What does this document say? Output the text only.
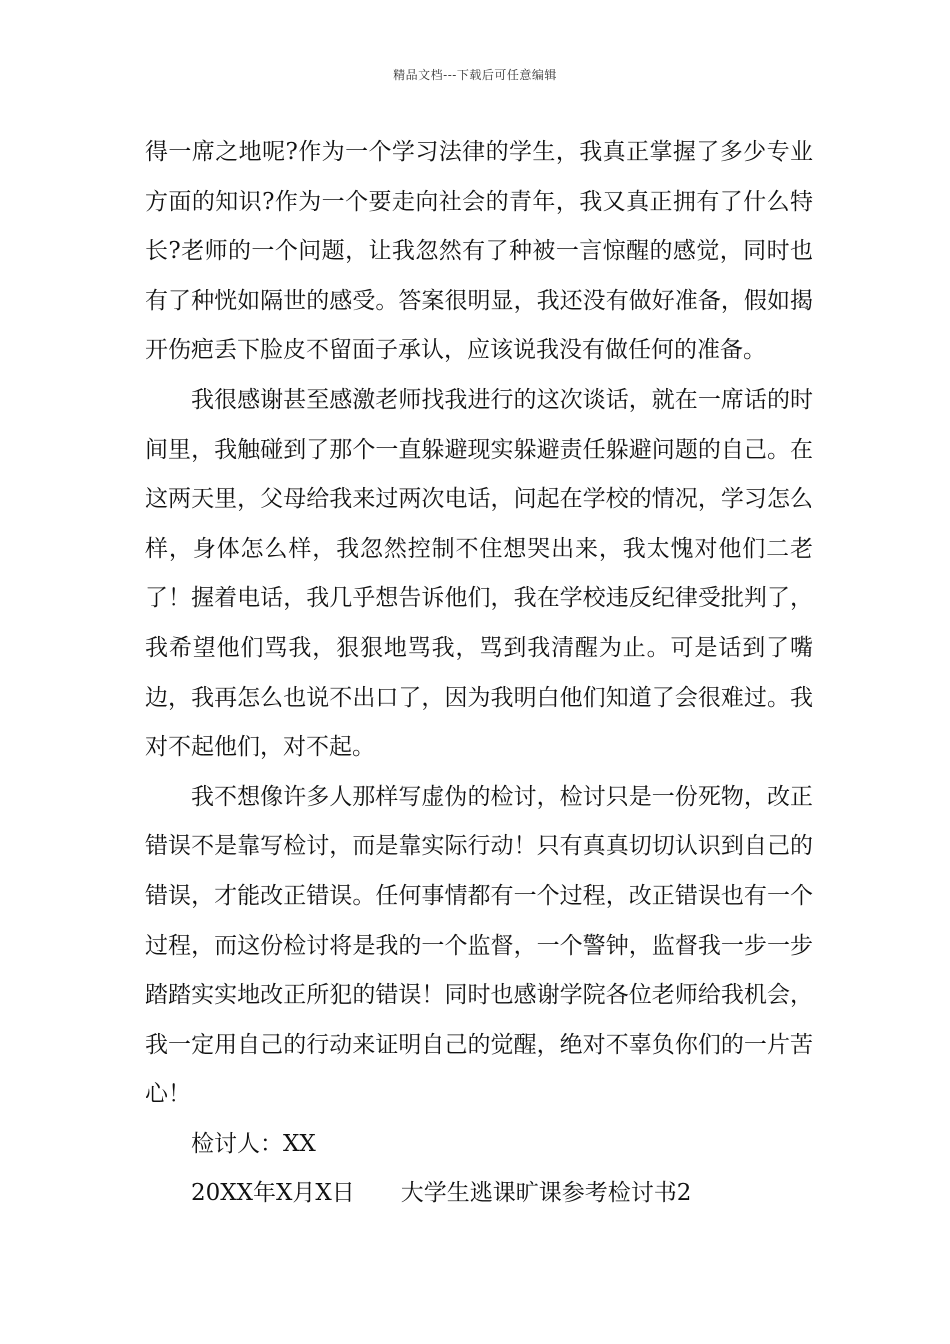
精品文档---下载后可任意编辑

得一席之地呢?作为一个学习法律的学生，我真正掌握了多少专业方面的知识?作为一个要走向社会的青年，我又真正拥有了什么特长?老师的一个问题，让我忽然有了种被一言惊醒的感觉，同时也有了种恍如隔世的感受。答案很明显，我还没有做好准备，假如揭开伤疤丢下脸皮不留面子承认，应该说我没有做任何的准备。

我很感谢甚至感激老师找我进行的这次谈话，就在一席话的时间里，我触碰到了那个一直躲避现实躲避责任躲避问题的自己。在这两天里，父母给我来过两次电话，问起在学校的情况，学习怎么样，身体怎么样，我忽然控制不住想哭出来，我太愧对他们二老了！握着电话，我几乎想告诉他们，我在学校违反纪律受批判了，我希望他们骂我，狠狠地骂我，骂到我清醒为止。可是话到了嘴边，我再怎么也说不出口了，因为我明白他们知道了会很难过。我对不起他们，对不起。

我不想像许多人那样写虚伪的检讨，检讨只是一份死物，改正错误不是靠写检讨，而是靠实际行动！只有真真切切认识到自己的错误，才能改正错误。任何事情都有一个过程，改正错误也有一个过程，而这份检讨将是我的一个监督，一个警钟，监督我一步一步踏踏实实地改正所犯的错误！同时也感谢学院各位老师给我机会，我一定用自己的行动来证明自己的觉醒，绝对不辜负你们的一片苦心！

检讨人：XX

20XX年X月X日 大学生逃课旷课参考检讨书2
